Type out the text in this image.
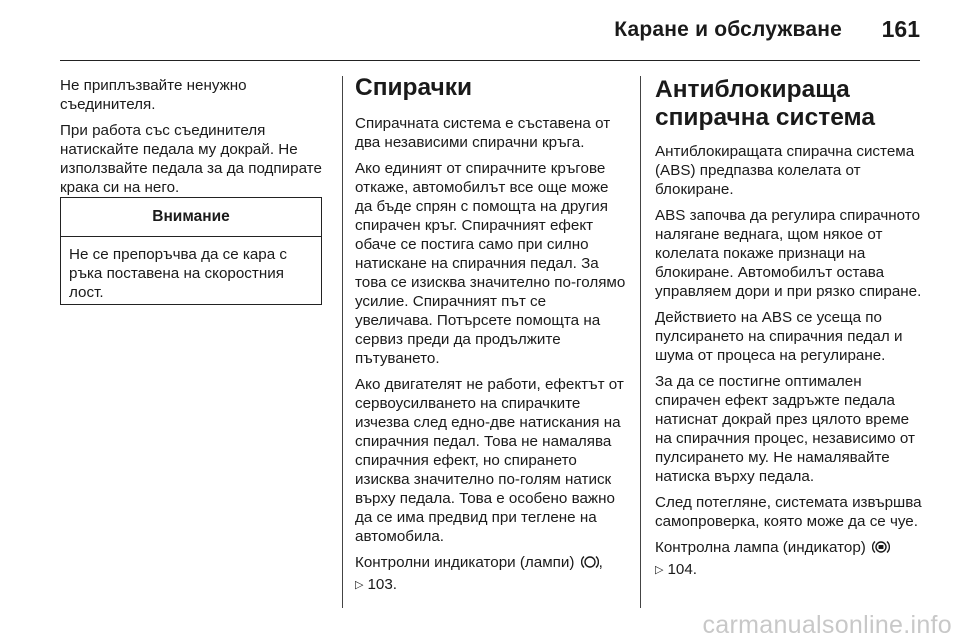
Каране и обслужване 161

Не приплъзвайте ненужно съединителя.

При работа със съединителя натискайте педала му докрай. Не използвайте педала за да подпирате крака си на него.

Внимание
Не се препоръчва да се кара с ръка поставена на скоростния лост.
Спирачки

Спирачната система е съставена от два независими спирачни кръга.

Ако единият от спирачните кръгове откаже, автомобилът все още може да бъде спрян с помощта на другия спирачен кръг. Спирачният ефект обаче се постига само при силно натискане на спирачния педал. За това се изисква значително по-голямо усилие. Спирачният път се увеличава. Потърсете помощта на сервиз преди да продължите пътуването.

Ако двигателят не работи, ефектът от сервоусилването на спирачките изчезва след едно-две натискания на спирачния педал. Това не намалява спирачния ефект, но спирането изисква значително по-голям натиск върху педала. Това е особено важно да се има предвид при теглене на автомобила.

Контролни индикатори (лампи) ,
▷ 103.

Антиблокираща спирачна система

Антиблокиращата спирачна система (ABS) предпазва колелата от блокиране.

ABS започва да регулира спирачното налягане веднага, щом някое от колелата покаже признаци на блокиране. Автомобилът остава управляем дори и при рязко спиране.

Действието на ABS се усеща по пулсирането на спирачния педал и шума от процеса на регулиране.

За да се постигне оптимален спирачен ефект задръжте педала натиснат докрай през цялото време на спирачния процес, независимо от пулсирането му. Не намалявайте натиска върху педала.

След потегляне, системата извършва самопроверка, която може да се чуе.

Контролна лампа (индикатор)
▷ 104.

carmanualsonline.info
